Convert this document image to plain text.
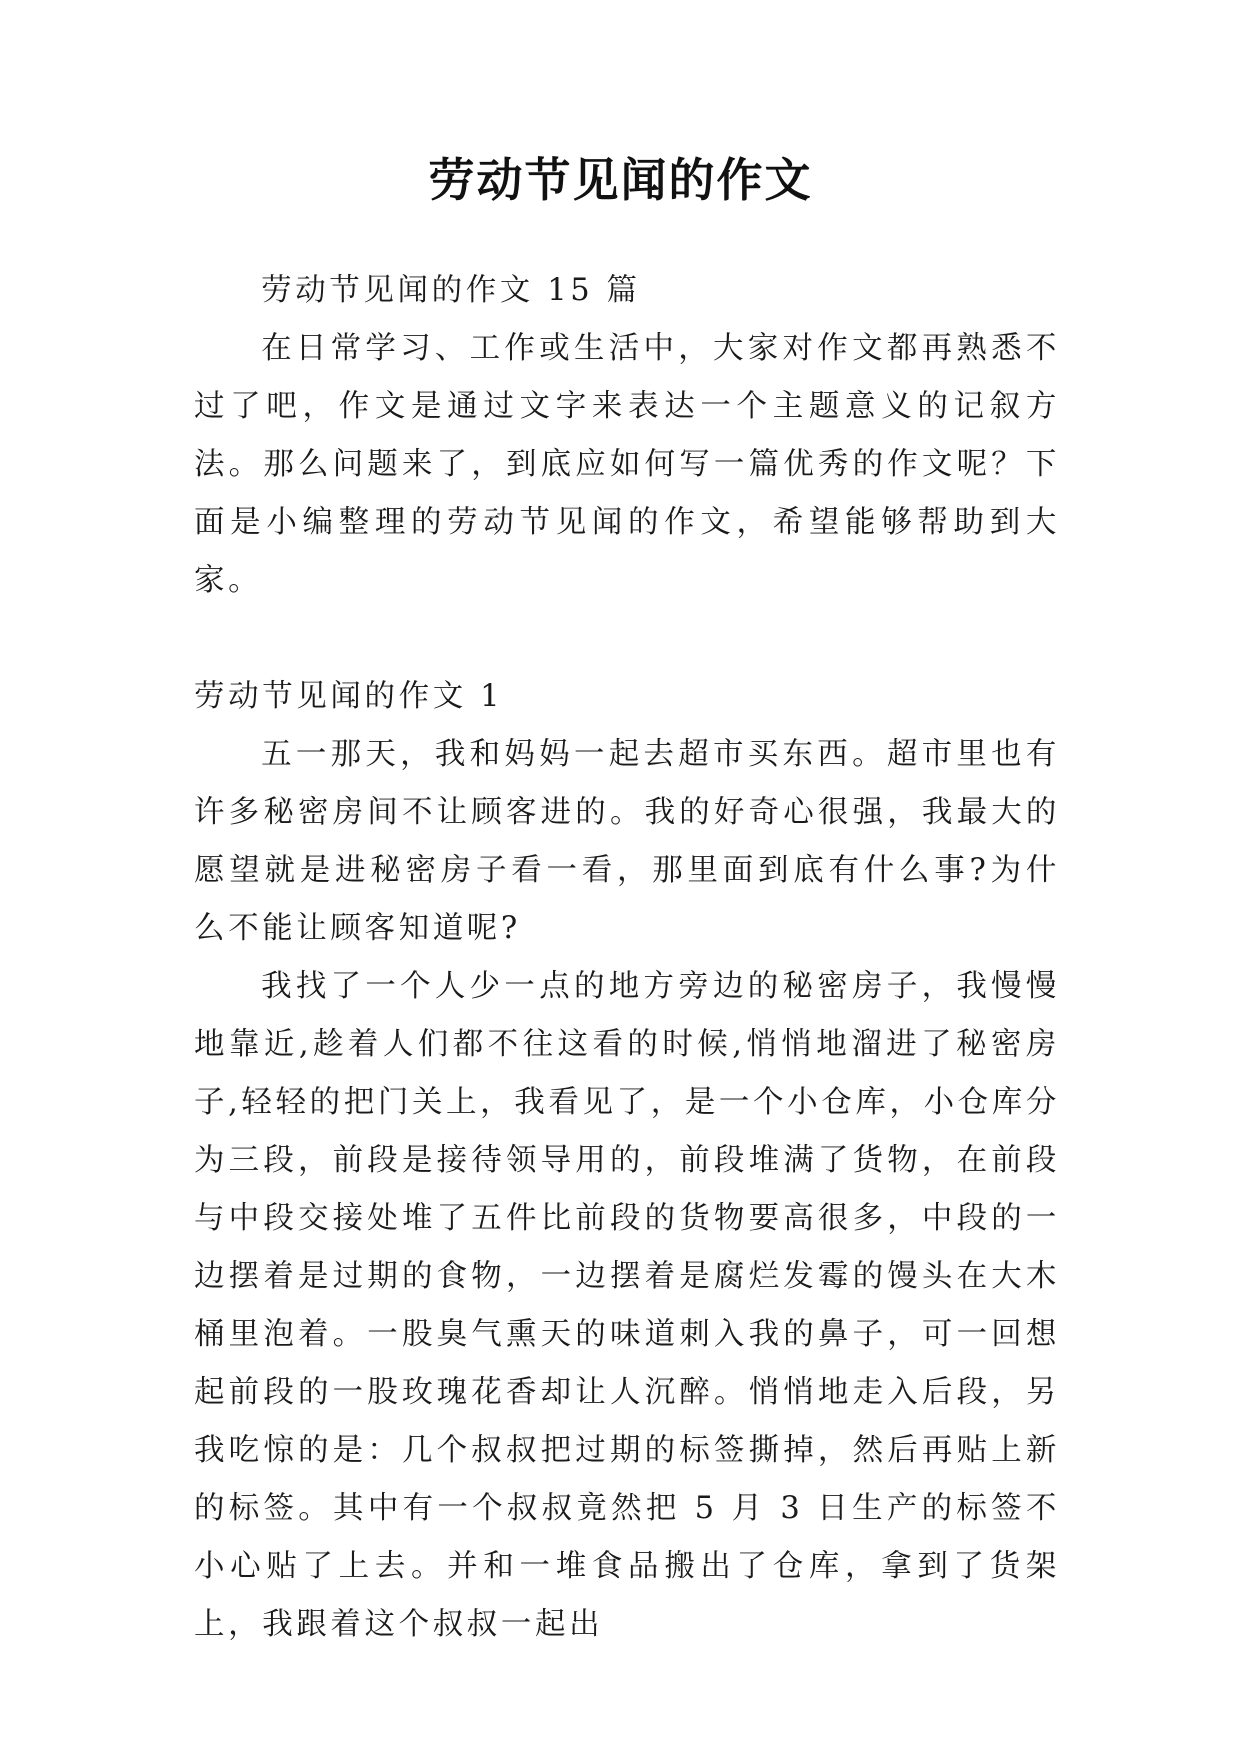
劳动节见闻的作文

劳动节见闻的作文 15 篇

在日常学习、工作或生活中，大家对作文都再熟悉不过了吧，作文是通过文字来表达一个主题意义的记叙方法。那么问题来了，到底应如何写一篇优秀的作文呢？下面是小编整理的劳动节见闻的作文，希望能够帮助到大家。

劳动节见闻的作文 1

五一那天，我和妈妈一起去超市买东西。超市里也有许多秘密房间不让顾客进的。我的好奇心很强，我最大的愿望就是进秘密房子看一看，那里面到底有什么事?为什么不能让顾客知道呢?

我找了一个人少一点的地方旁边的秘密房子，我慢慢地靠近,趁着人们都不往这看的时候,悄悄地溜进了秘密房子,轻轻的把门关上，我看见了，是一个小仓库，小仓库分为三段，前段是接待领导用的，前段堆满了货物，在前段与中段交接处堆了五件比前段的货物要高很多，中段的一边摆着是过期的食物，一边摆着是腐烂发霉的馒头在大木桶里泡着。一股臭气熏天的味道刺入我的鼻子，可一回想起前段的一股玫瑰花香却让人沉醉。悄悄地走入后段，另我吃惊的是：几个叔叔把过期的标签撕掉，然后再贴上新的标签。其中有一个叔叔竟然把 5 月 3 日生产的标签不小心贴了上去。并和一堆食品搬出了仓库，拿到了货架上，我跟着这个叔叔一起出
